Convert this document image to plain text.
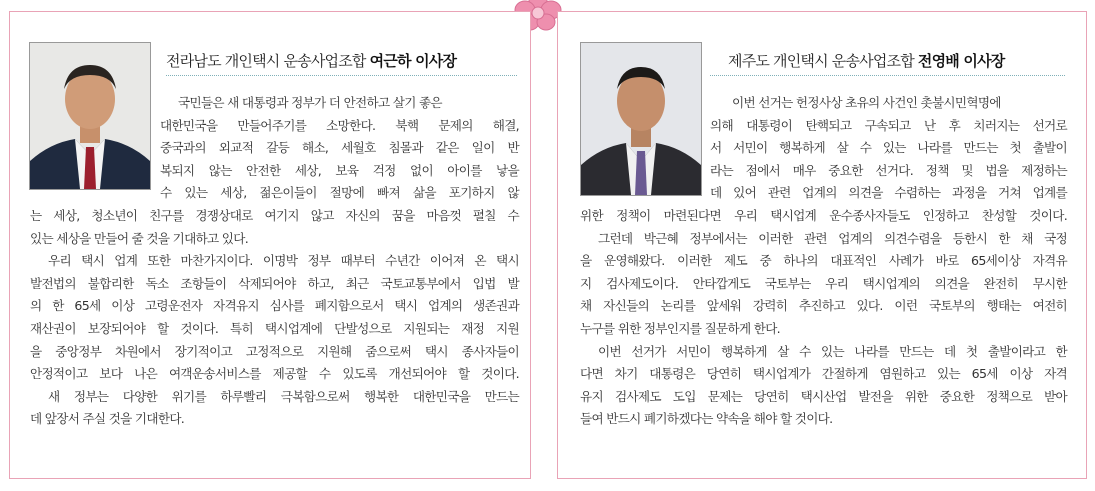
전라남도 개인택시 운송사업조합 여근하 이사장
국민들은 새 대통령과 정부가 더 안전하고 살기 좋은
대한민국을 만들어주기를 소망한다. 북핵 문제의 해결,
중국과의 외교적 갈등 해소, 세월호 침몰과 같은 일이 반
복되지 않는 안전한 세상, 보육 걱정 없이 아이를 낳을
수 있는 세상, 젊은이들이 절망에 빠져 삶을 포기하지 않
는 세상, 청소년이 친구를 경쟁상대로 여기지 않고 자신의 꿈을 마음껏 펼칠 수
있는 세상을 만들어 줄 것을 기대하고 있다.
우리 택시 업계 또한 마찬가지이다. 이명박 정부 때부터 수년간 이어져 온 택시
발전법의 불합리한 독소 조항들이 삭제되어야 하고, 최근 국토교통부에서 입법 발
의 한 65세 이상 고령운전자 자격유지 심사를 폐지함으로서 택시 업계의 생존권과
재산권이 보장되어야 할 것이다. 특히 택시업계에 단발성으로 지원되는 재정 지원
을 중앙정부 차원에서 장기적이고 고정적으로 지원해 줌으로써 택시 종사자들이
안정적이고 보다 나은 여객운송서비스를 제공할 수 있도록 개선되어야 할 것이다.
새 정부는 다양한 위기를 하루빨리 극복함으로써 행복한 대한민국을 만드는
데 앞장서 주실 것을 기대한다.
제주도 개인택시 운송사업조합 전영배 이사장
이번 선거는 헌정사상 초유의 사건인 촛불시민혁명에
의해 대통령이 탄핵되고 구속되고 난 후 치러지는 선거로
서 서민이 행복하게 살 수 있는 나라를 만드는 첫 출발이
라는 점에서 매우 중요한 선거다. 정책 및 법을 제정하는
데 있어 관련 업계의 의견을 수렴하는 과정을 거쳐 업계를
위한 정책이 마련된다면 우리 택시업계 운수종사자들도 인정하고 찬성할 것이다.
그런데 박근혜 정부에서는 이러한 관련 업계의 의견수렴을 등한시 한 채 국정
을 운영해왔다. 이러한 제도 중 하나의 대표적인 사례가 바로 65세이상 자격유
지 검사제도이다. 안타깝게도 국토부는 우리 택시업계의 의견을 완전히 무시한
채 자신들의 논리를 앞세워 강력히 추진하고 있다. 이런 국토부의 행태는 여전히
누구를 위한 정부인지를 질문하게 한다.
이번 선거가 서민이 행복하게 살 수 있는 나라를 만드는 데 첫 출발이라고 한
다면 차기 대통령은 당연히 택시업계가 간절하게 염원하고 있는 65세 이상 자격
유지 검사제도 도입 문제는 당연히 택시산업 발전을 위한 중요한 정책으로 받아
들여 반드시 폐기하겠다는 약속을 해야 할 것이다.
